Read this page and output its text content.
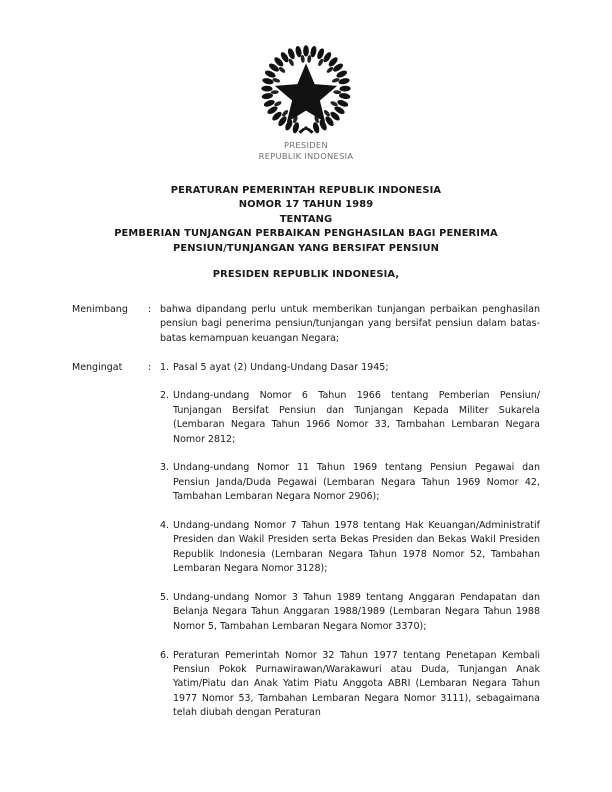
PRESIDEN
REPUBLIK INDONESIA
PERATURAN PEMERINTAH REPUBLIK INDONESIA
NOMOR 17 TAHUN 1989
TENTANG
PEMBERIAN TUNJANGAN PERBAIKAN PENGHASILAN BAGI PENERIMA
PENSIUN/TUNJANGAN YANG BERSIFAT PENSIUN
PRESIDEN REPUBLIK INDONESIA,
Menimbang	: bahwa dipandang perlu untuk memberikan tunjangan perbaikan penghasilan pensiun bagi penerima pensiun/tunjangan yang bersifat pensiun dalam batas-batas kemampuan keuangan Negara;

Mengingat	: 1. Pasal 5 ayat (2) Undang-Undang Dasar 1945;
2. Undang-undang Nomor 6 Tahun 1966 tentang Pemberian Pensiun/ Tunjangan Bersifat Pensiun dan Tunjangan Kepada Militer Sukarela (Lembaran Negara Tahun 1966 Nomor 33, Tambahan Lembaran Negara Nomor 2812;
3. Undang-undang Nomor 11 Tahun 1969 tentang Pensiun Pegawai dan Pensiun Janda/Duda Pegawai (Lembaran Negara Tahun 1969 Nomor 42, Tambahan Lembaran Negara Nomor 2906);
4. Undang-undang Nomor 7 Tahun 1978 tentang Hak Keuangan/Administratif Presiden dan Wakil Presiden serta Bekas Presiden dan Bekas Wakil Presiden Republik Indonesia (Lembaran Negara Tahun 1978 Nomor 52, Tambahan Lembaran Negara Nomor 3128);
5. Undang-undang Nomor 3 Tahun 1989 tentang Anggaran Pendapatan dan Belanja Negara Tahun Anggaran 1988/1989 (Lembaran Negara Tahun 1988 Nomor 5, Tambahan Lembaran Negara Nomor 3370);
6. Peraturan Pemerintah Nomor 32 Tahun 1977 tentang Penetapan Kembali Pensiun Pokok Purnawirawan/Warakawuri atau Duda, Tunjangan Anak Yatim/Piatu dan Anak Yatim Piatu Anggota ABRI (Lembaran Negara Tahun 1977 Nomor 53, Tambahan Lembaran Negara Nomor 3111), sebagaimana telah diubah dengan Peraturan
